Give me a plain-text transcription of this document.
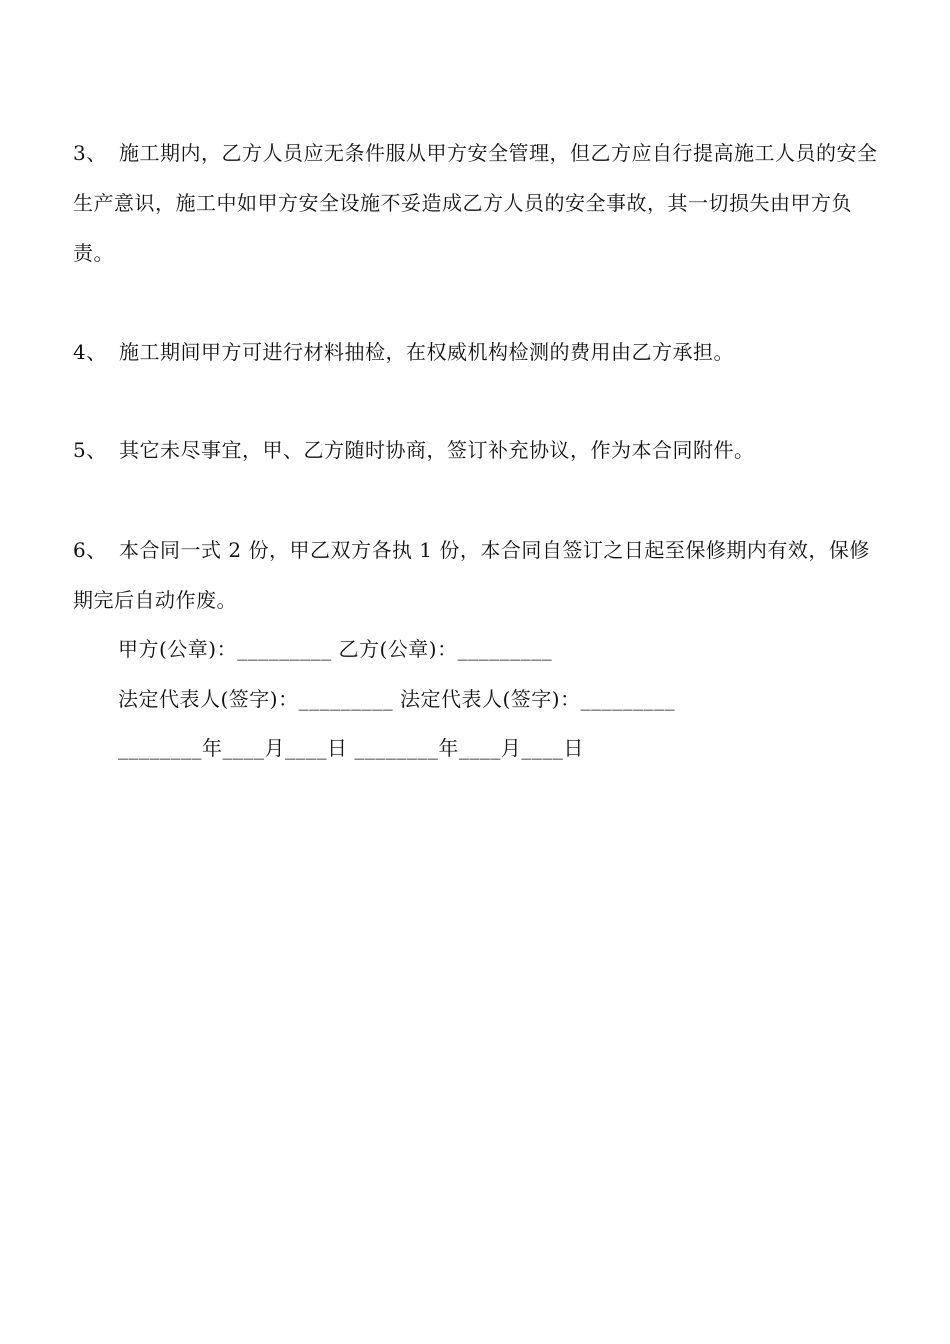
3、 施工期内，乙方人员应无条件服从甲方安全管理，但乙方应自行提高施工人员的安全生产意识，施工中如甲方安全设施不妥造成乙方人员的安全事故，其一切损失由甲方负责。

4、 施工期间甲方可进行材料抽检，在权威机构检测的费用由乙方承担。

5、 其它未尽事宜，甲、乙方随时协商，签订补充协议，作为本合同附件。

6、 本合同一式 2 份，甲乙双方各执 1 份，本合同自签订之日起至保修期内有效，保修期完后自动作废。

甲方(公章)：_________ 乙方(公章)：_________
法定代表人(签字)：_________ 法定代表人(签字)：_________
________年____月____日 ________年____月____日
